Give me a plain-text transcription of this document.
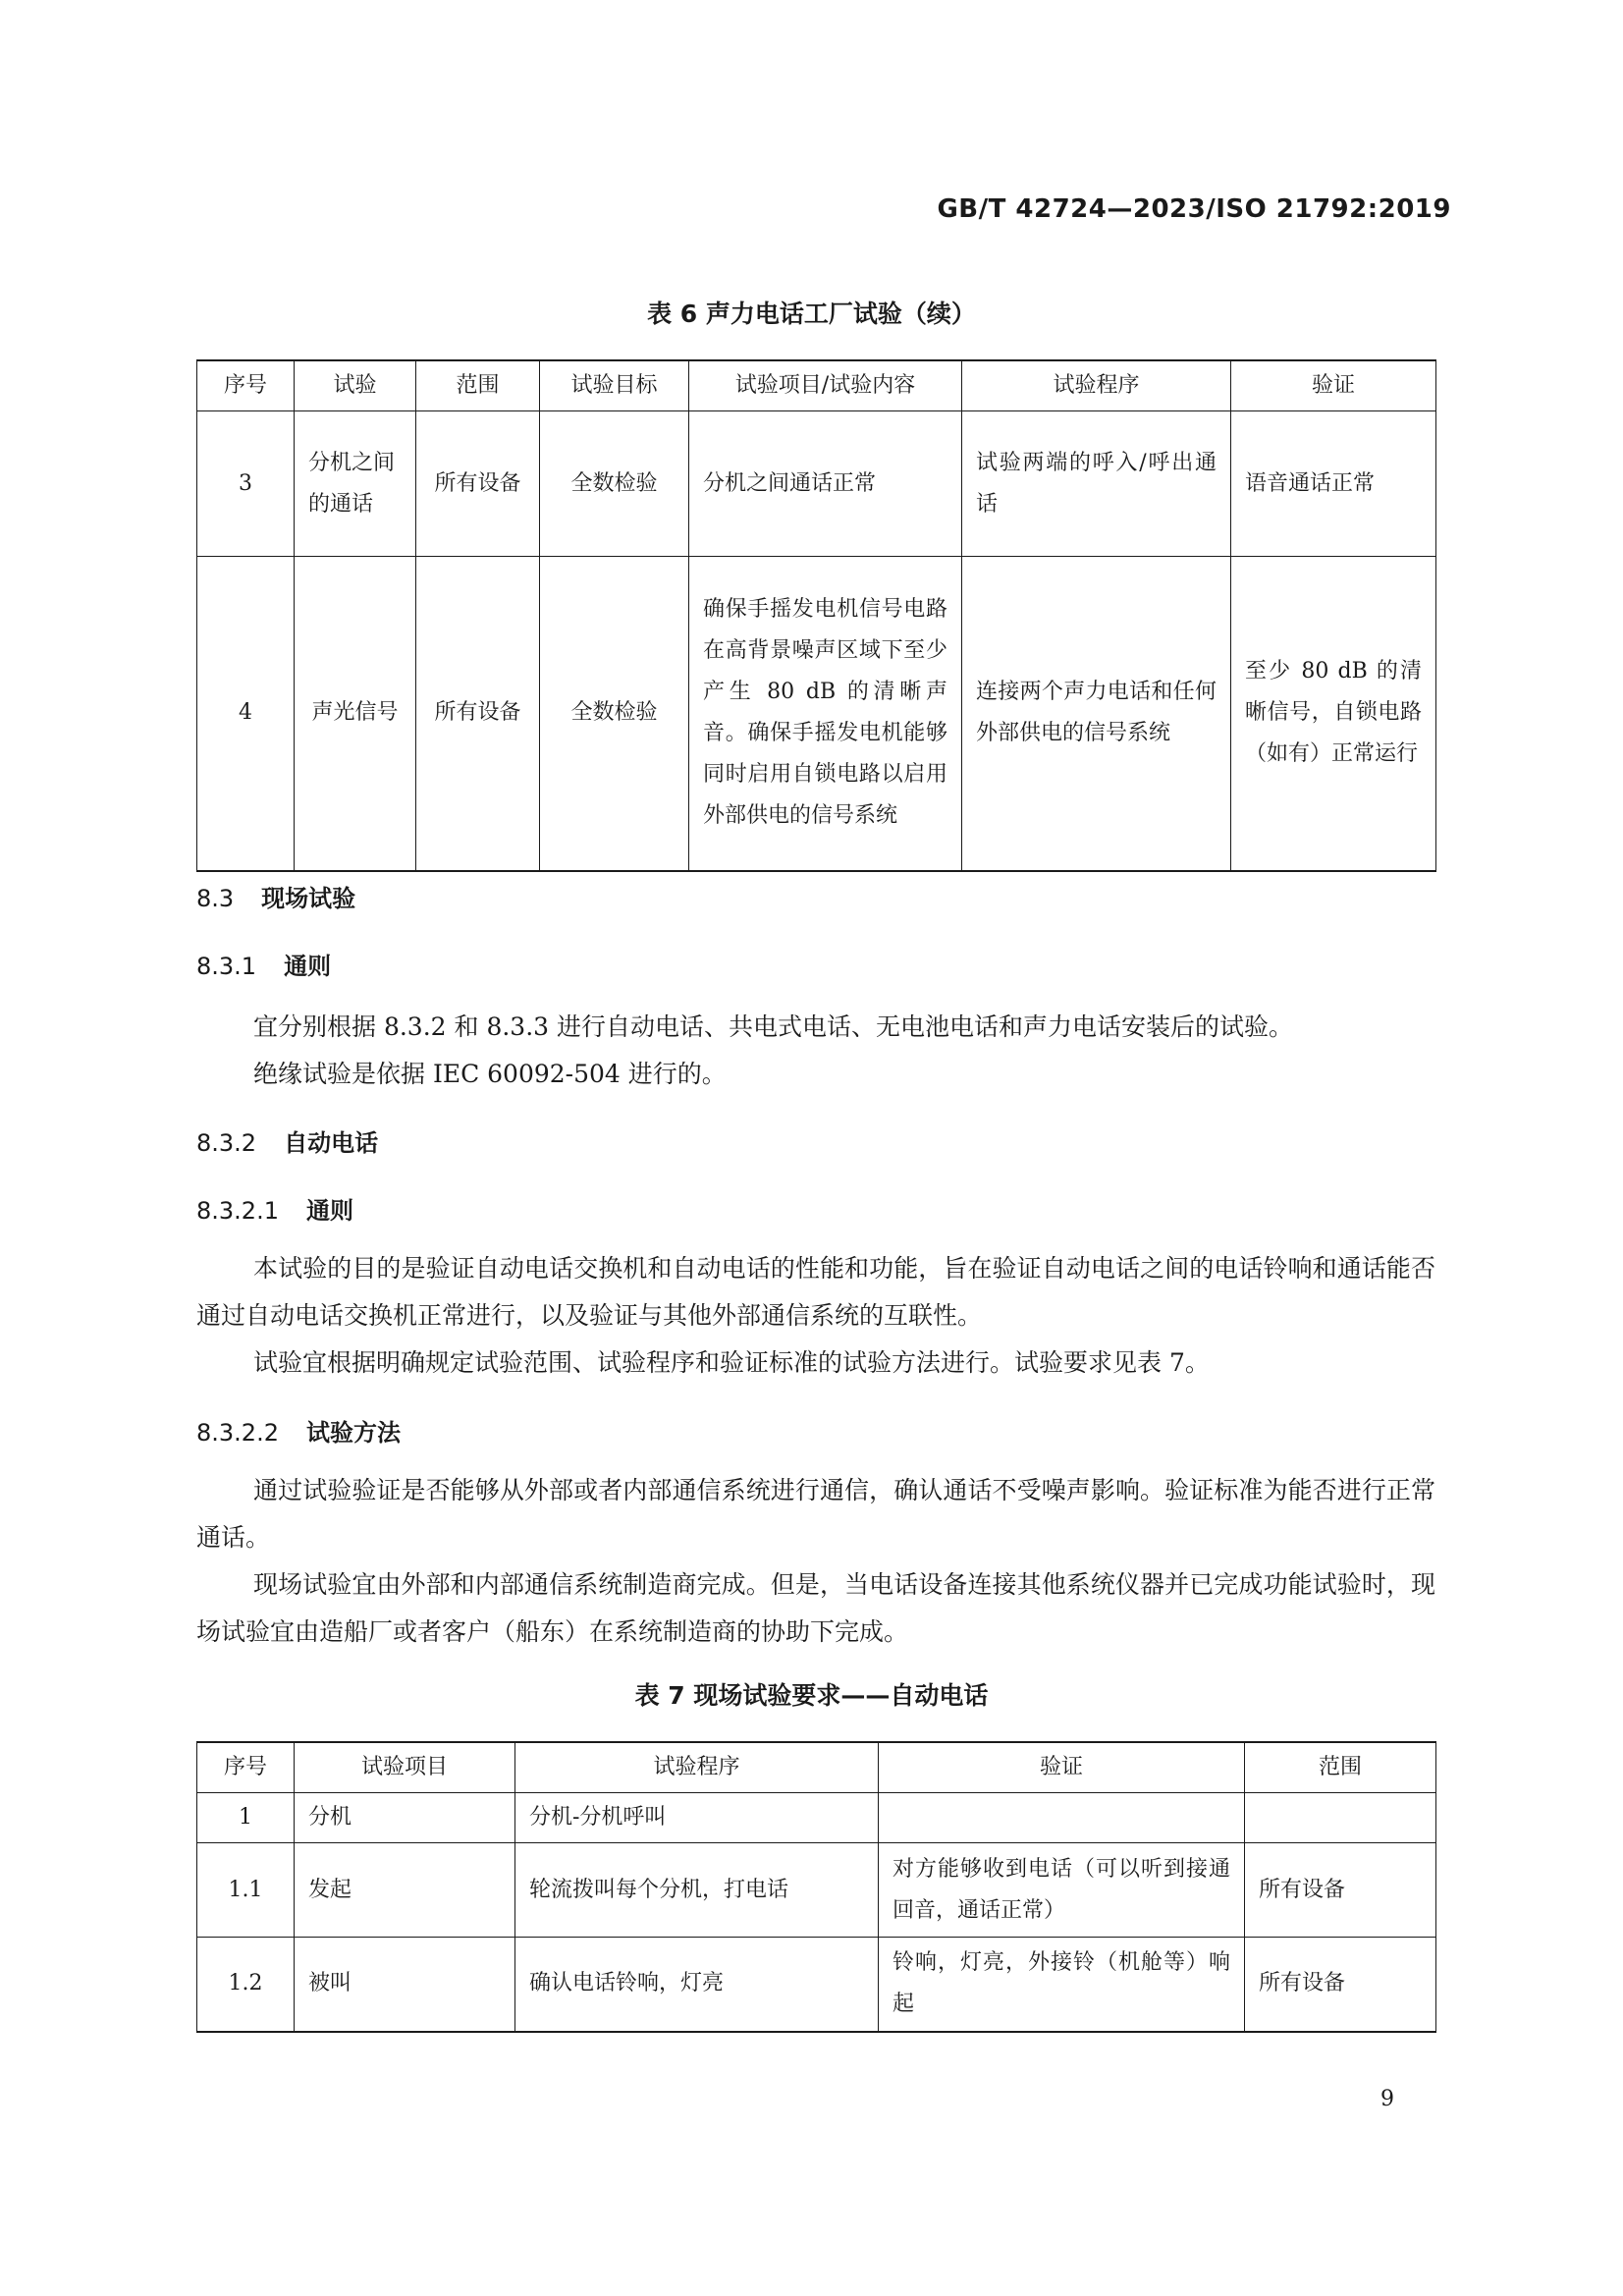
GB/T 42724—2023/ISO 21792:2019
表 6 声力电话工厂试验（续）
序号	试验	范围	试验目标	试验项目/试验内容	试验程序	验证
3	分机之间的通话	所有设备	全数检验	分机之间通话正常	试验两端的呼入/呼出通话	语音通话正常
4	声光信号	所有设备	全数检验	确保手摇发电机信号电路在高背景噪声区域下至少产生 80 dB 的清晰声音。确保手摇发电机能够同时启用自锁电路以启用外部供电的信号系统	连接两个声力电话和任何外部供电的信号系统	至少 80 dB 的清晰信号，自锁电路（如有）正常运行
8.3 现场试验
8.3.1 通则
宜分别根据 8.3.2 和 8.3.3 进行自动电话、共电式电话、无电池电话和声力电话安装后的试验。
绝缘试验是依据 IEC 60092-504 进行的。
8.3.2 自动电话
8.3.2.1 通则
本试验的目的是验证自动电话交换机和自动电话的性能和功能，旨在验证自动电话之间的电话铃响和通话能否通过自动电话交换机正常进行，以及验证与其他外部通信系统的互联性。
试验宜根据明确规定试验范围、试验程序和验证标准的试验方法进行。试验要求见表 7。
8.3.2.2 试验方法
通过试验验证是否能够从外部或者内部通信系统进行通信，确认通话不受噪声影响。验证标准为能否进行正常通话。
现场试验宜由外部和内部通信系统制造商完成。但是，当电话设备连接其他系统仪器并已完成功能试验时，现场试验宜由造船厂或者客户（船东）在系统制造商的协助下完成。
表 7 现场试验要求——自动电话
序号	试验项目	试验程序	验证	范围
1	分机	分机-分机呼叫		
1.1	发起	轮流拨叫每个分机，打电话	对方能够收到电话（可以听到接通回音，通话正常）	所有设备
1.2	被叫	确认电话铃响，灯亮	铃响，灯亮，外接铃（机舱等）响起	所有设备
9
